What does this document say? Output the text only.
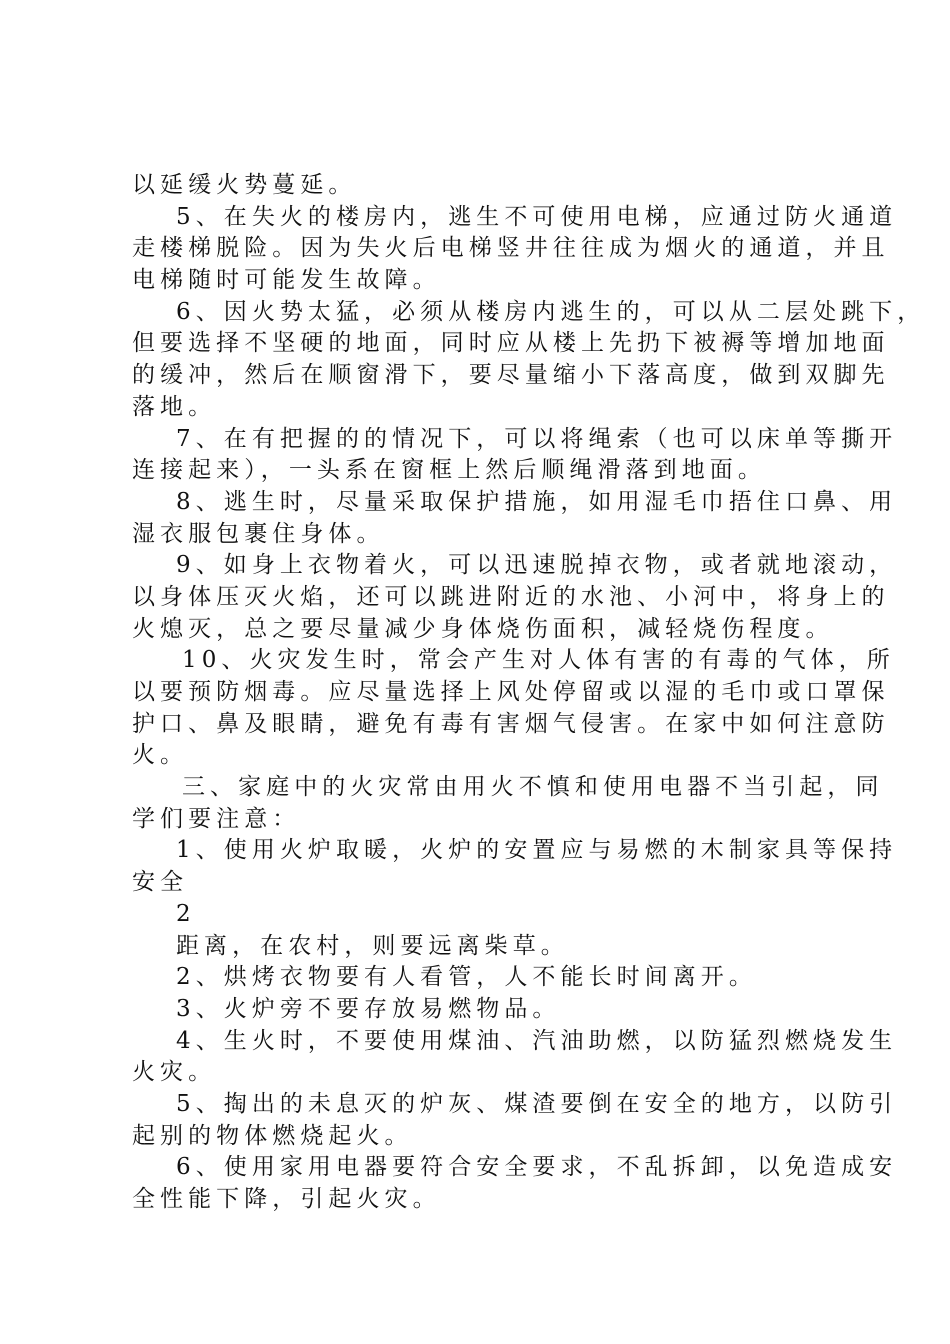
以延缓火势蔓延。
5、在失火的楼房内，逃生不可使用电梯，应通过防火通道
走楼梯脱险。因为失火后电梯竖井往往成为烟火的通道，并且
电梯随时可能发生故障。
6、因火势太猛，必须从楼房内逃生的，可以从二层处跳下，
但要选择不坚硬的地面，同时应从楼上先扔下被褥等增加地面
的缓冲，然后在顺窗滑下，要尽量缩小下落高度，做到双脚先
落地。
7、在有把握的的情况下，可以将绳索（也可以床单等撕开
连接起来），一头系在窗框上然后顺绳滑落到地面。
8、逃生时，尽量采取保护措施，如用湿毛巾捂住口鼻、用
湿衣服包裹住身体。
9、如身上衣物着火，可以迅速脱掉衣物，或者就地滚动，
以身体压灭火焰，还可以跳进附近的水池、小河中，将身上的
火熄灭，总之要尽量减少身体烧伤面积，减轻烧伤程度。
10、火灾发生时，常会产生对人体有害的有毒的气体，所
以要预防烟毒。应尽量选择上风处停留或以湿的毛巾或口罩保
护口、鼻及眼睛，避免有毒有害烟气侵害。在家中如何注意防
火。
三、家庭中的火灾常由用火不慎和使用电器不当引起，同
学们要注意：
1、使用火炉取暖，火炉的安置应与易燃的木制家具等保持
安全
2
距离，在农村，则要远离柴草。
2、烘烤衣物要有人看管，人不能长时间离开。
3、火炉旁不要存放易燃物品。
4、生火时，不要使用煤油、汽油助燃，以防猛烈燃烧发生
火灾。
5、掏出的未息灭的炉灰、煤渣要倒在安全的地方，以防引
起别的物体燃烧起火。
6、使用家用电器要符合安全要求，不乱拆卸，以免造成安
全性能下降，引起火灾。
